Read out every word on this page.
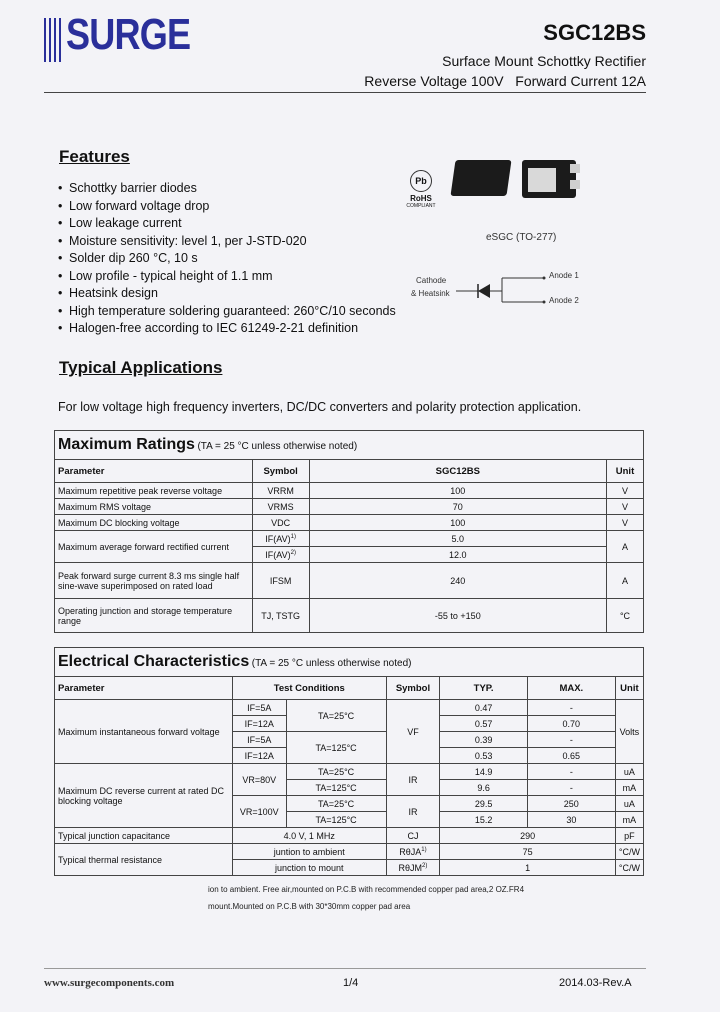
SURGE	SGC12BS
Surface Mount Schottky Rectifier
Reverse Voltage 100V   Forward Current 12A
Features
• Schottky barrier diodes
• Low forward voltage drop
• Low leakage current
• Moisture sensitivity: level 1, per J-STD-020
• Solder dip 260 °C, 10 s
• Low profile - typical height of 1.1 mm
• Heatsink design
• High temperature soldering guaranteed: 260°C/10 seconds
• Halogen-free according to IEC 61249-2-21 definition
Pb
RoHS
COMPLIANT
eSGC (TO-277)
Cathode
& Heatsink
Anode 1
Anode 2
Typical Applications
For low voltage high frequency inverters, DC/DC converters and polarity protection application.
Maximum Ratings (TA = 25 °C unless otherwise noted)			
Parameter	Symbol	SGC12BS	Unit
Maximum repetitive peak reverse voltage	VRRM	100	V
Maximum RMS voltage	VRMS	70	V
Maximum DC blocking voltage	VDC	100	V
Maximum average forward rectified current	IF(AV)$^{1)}$	5.0	A
	IF(AV)$^{2)}$	12.0	
Peak forward surge current 8.3 ms single half sine-wave superimposed on rated load	IFSM	240	A
Operating junction and storage temperature range	TJ, TSTG	-55 to +150	°C
Electrical Characteristics (TA = 25 °C unless otherwise noted)						
Parameter	Test Conditions		Symbol	TYP.	MAX.	Unit
Maximum instantaneous forward voltage	IF=5A	TA=25°C	VF	0.47	-	Volts
	IF=12A			0.57	0.70	
	IF=5A	TA=125°C		0.39	-	
	IF=12A			0.53	0.65	
Maximum DC reverse current at rated DC blocking voltage	VR=80V	TA=25°C	IR	14.9	-	uA
		TA=125°C		9.6	-	mA
	VR=100V	TA=25°C	IR	29.5	250	uA
		TA=125°C		15.2	30	mA
Typical junction capacitance	4.0 V, 1 MHz		CJ	290		pF
Typical thermal resistance	juntion to ambient		RθJA$^{1)}$	75		°C/W
	junction to mount		RθJM$^{2)}$	1		°C/W
ion to ambient. Free air,mounted on P.C.B with recommended copper pad area,2 OZ.FR4
mount.Mounted on P.C.B with 30*30mm copper pad area
www.surgecomponents.com	1/4	2014.03-Rev.A
